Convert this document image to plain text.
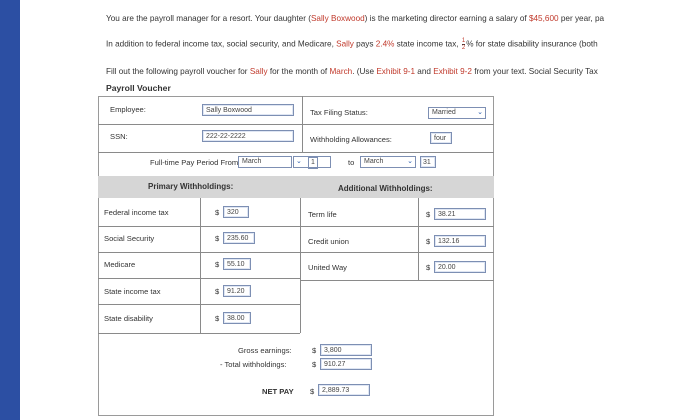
You are the payroll manager for a resort. Your daughter (Sally Boxwood) is the marketing director earning a salary of $45,600 per year, pa
In addition to federal income tax, social security, and Medicare, Sally pays 2.4% state income tax, $\frac{1}{2}$ % for state disability insurance (both
Fill out the following payroll voucher for Sally for the month of March. (Use Exhibit 9-1 and Exhibit 9-2 from your text. Social Security Tax
Payroll Voucher
Employee:	Sally Boxwood	Tax Filing Status:	Married	⌄
SSN:	222-22-2222	Withholding Allowances:	four
Full-time Pay Period From March	⌄	1	to	March	⌄	31
Primary Withholdings:	Additional Withholdings:
Federal income tax	$	320
Social Security	$	235.60
Medicare	$	55.10
State income tax	$	91.20
State disability	$	38.00
Term life	$	38.21
Credit union	$	132.16
United Way	$	20.00
Gross earnings:	$	3,800
- Total withholdings:	$	910.27
NET PAY $	2,889.73
